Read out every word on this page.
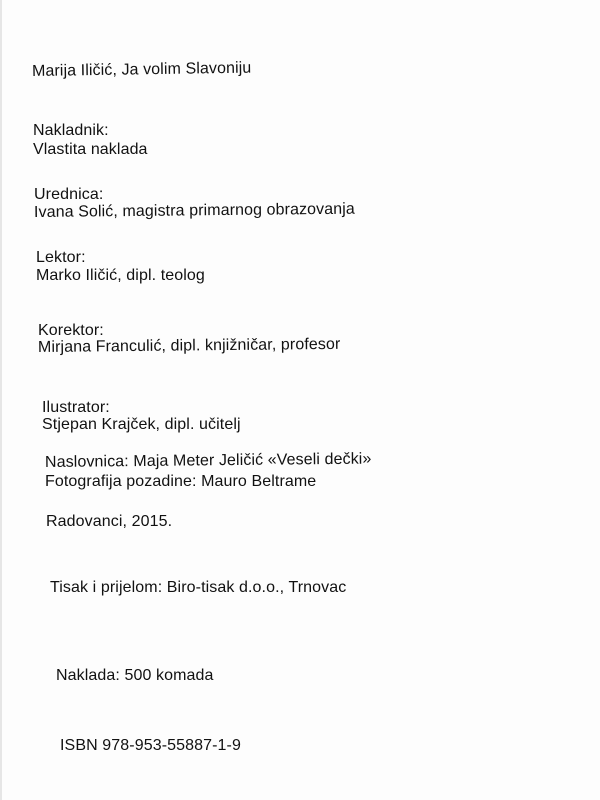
Marija Iličić, Ja volim Slavoniju
Nakladnik:
Vlastita naklada
Urednica:
Ivana Solić, magistra primarnog obrazovanja
Lektor:
Marko Iličić, dipl. teolog
Korektor:
Mirjana Franculić, dipl. knjižničar, profesor
Ilustrator:
Stjepan Krajček, dipl. učitelj
Naslovnica: Maja Meter Jeličić «Veseli dečki»
Fotografija pozadine: Mauro Beltrame
Radovanci, 2015.
Tisak i prijelom: Biro-tisak d.o.o., Trnovac
Naklada: 500 komada
ISBN 978-953-55887-1-9
